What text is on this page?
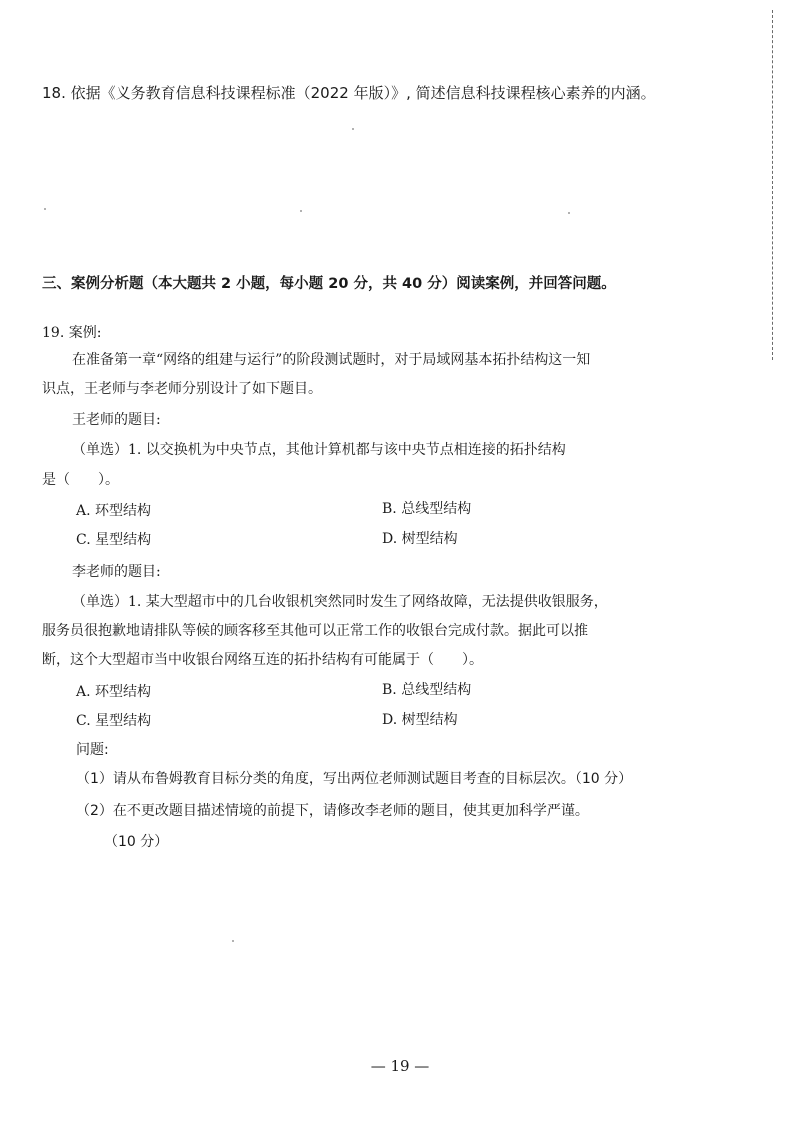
18. 依据《义务教育信息科技课程标准（2022 年版）》, 简述信息科技课程核心素养的内涵。
三、案例分析题（本大题共 2 小题，每小题 20 分，共 40 分）阅读案例，并回答问题。
19. 案例:
在准备第一章“网络的组建与运行”的阶段测试题时，对于局域网基本拓扑结构这一知
识点，王老师与李老师分别设计了如下题目。
王老师的题目:
（单选）1. 以交换机为中央节点，其他计算机都与该中央节点相连接的拓扑结构
是（　　）。
A. 环型结构	B. 总线型结构
C. 星型结构	D. 树型结构
李老师的题目:
（单选）1. 某大型超市中的几台收银机突然同时发生了网络故障，无法提供收银服务，
服务员很抱歉地请排队等候的顾客移至其他可以正常工作的收银台完成付款。据此可以推
断，这个大型超市当中收银台网络互连的拓扑结构有可能属于（　　）。
A. 环型结构	B. 总线型结构
C. 星型结构	D. 树型结构
问题:
（1）请从布鲁姆教育目标分类的角度，写出两位老师测试题目考查的目标层次。（10 分）
（2）在不更改题目描述情境的前提下，请修改李老师的题目，使其更加科学严谨。
（10 分）
— 19 —
